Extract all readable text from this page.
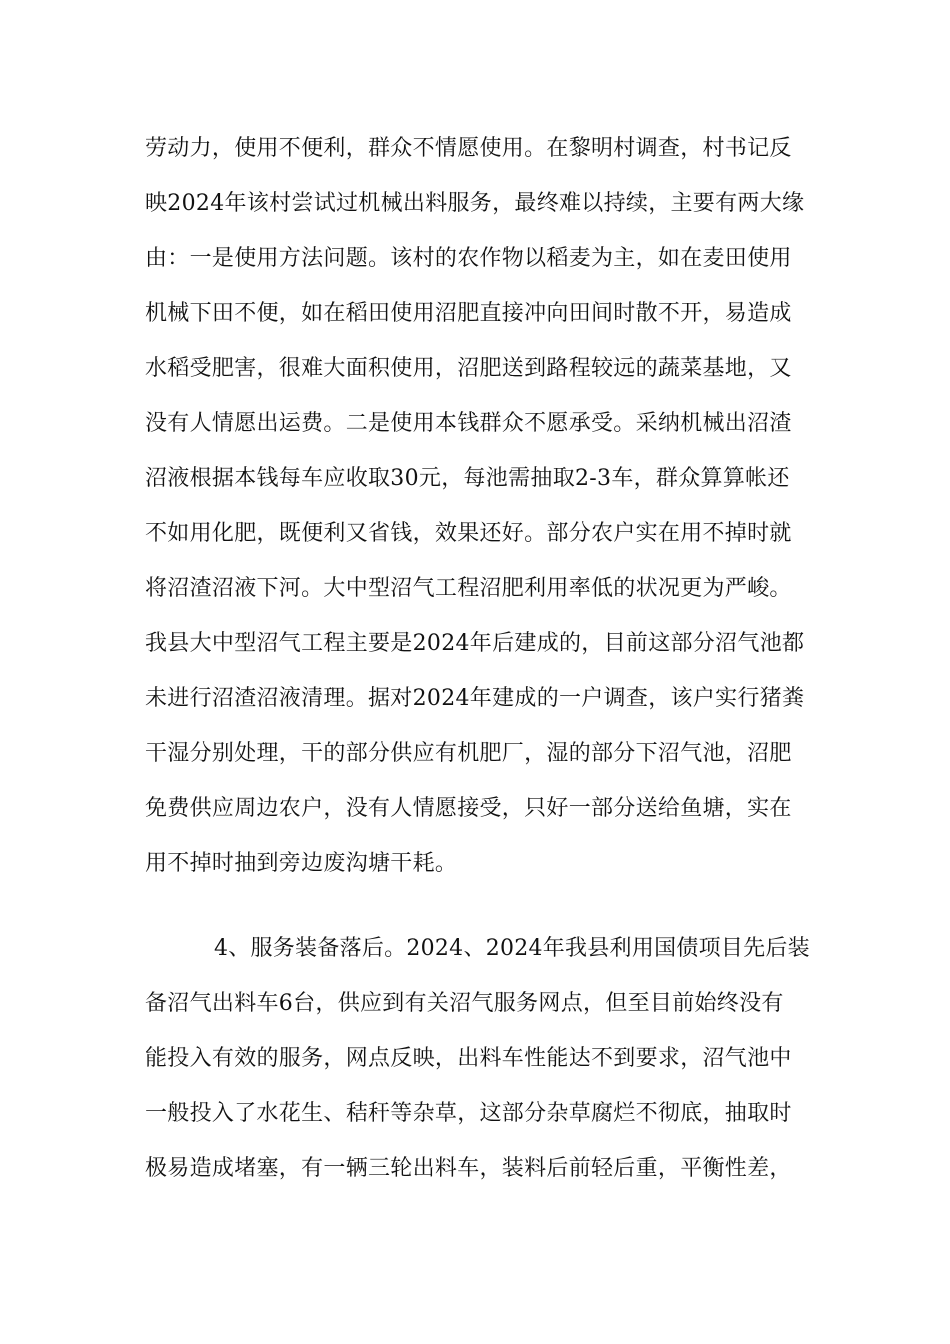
劳动力，使用不便利，群众不情愿使用。在黎明村调查，村书记反
映2024年该村尝试过机械出料服务，最终难以持续，主要有两大缘
由：一是使用方法问题。该村的农作物以稻麦为主，如在麦田使用
机械下田不便，如在稻田使用沼肥直接冲向田间时散不开，易造成
水稻受肥害，很难大面积使用，沼肥送到路程较远的蔬菜基地，又
没有人情愿出运费。二是使用本钱群众不愿承受。采纳机械出沼渣
沼液根据本钱每车应收取30元，每池需抽取2-3车，群众算算帐还
不如用化肥，既便利又省钱，效果还好。部分农户实在用不掉时就
将沼渣沼液下河。大中型沼气工程沼肥利用率低的状况更为严峻。
我县大中型沼气工程主要是2024年后建成的，目前这部分沼气池都
未进行沼渣沼液清理。据对2024年建成的一户调查，该户实行猪粪
干湿分别处理，干的部分供应有机肥厂，湿的部分下沼气池，沼肥
免费供应周边农户，没有人情愿接受，只好一部分送给鱼塘，实在
用不掉时抽到旁边废沟塘干耗。
4、服务装备落后。2024、2024年我县利用国债项目先后装
备沼气出料车6台，供应到有关沼气服务网点，但至目前始终没有
能投入有效的服务，网点反映，出料车性能达不到要求，沼气池中
一般投入了水花生、秸秆等杂草，这部分杂草腐烂不彻底，抽取时
极易造成堵塞，有一辆三轮出料车，装料后前轻后重，平衡性差，
